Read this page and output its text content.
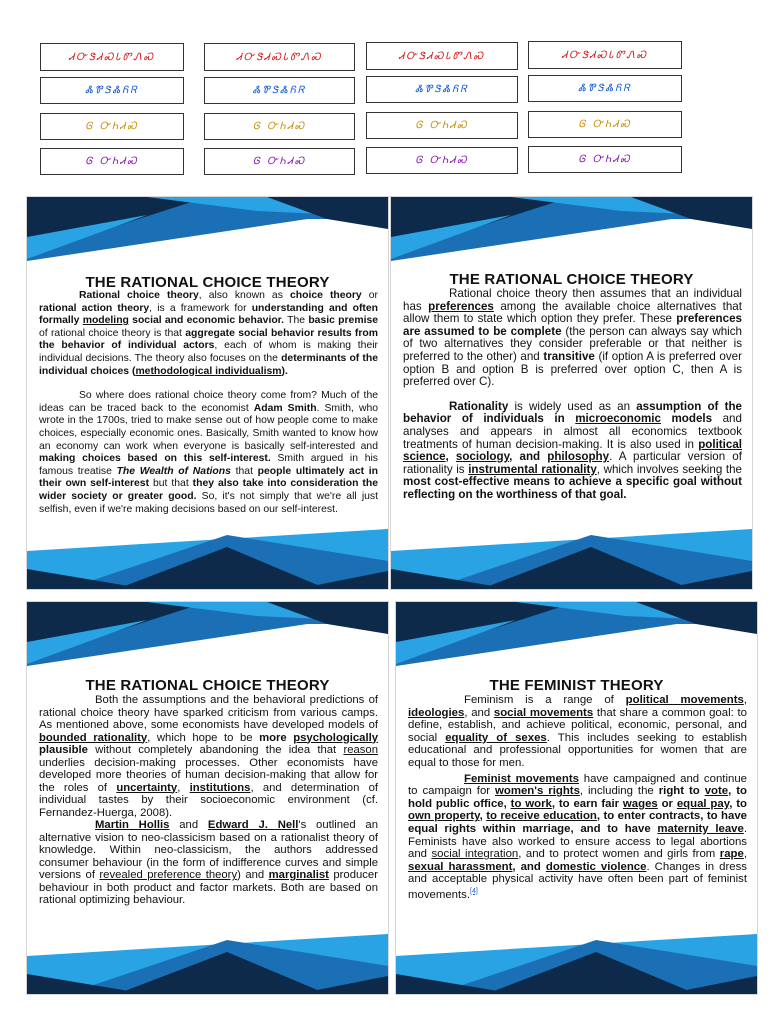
ᏗᏅᏕᏗᏍᏓᏛᏁᏍ	ᏗᏅᏕᏗᏍᏓᏛᏁᏍ	ᏗᏅᏕᏗᏍᏓᏛᏁᏍ	ᏗᏅᏕᏗᏍᏓᏛᏁᏍ
ᏜᏈᏕᏜᏲᏒ	ᏜᏈᏕᏜᏲᏒ	ᏜᏈᏕᏜᏲᏒ	ᏜᏈᏕᏜᏲᏒ
Ꮆ ᏅᏂᏗᏍ	Ꮆ ᏅᏂᏗᏍ	Ꮆ ᏅᏂᏗᏍ	Ꮆ ᏅᏂᏗᏍ
Ꮆ ᏅᏂᏗᏍ	Ꮆ ᏅᏂᏗᏍ	Ꮆ ᏅᏂᏗᏍ	Ꮆ ᏅᏂᏗᏍ
THE RATIONAL CHOICE THEORY

Rational choice theory, also known as choice theory or rational action theory, is a framework for understanding and often formally modeling social and economic behavior. The basic premise of rational choice theory is that aggregate social behavior results from the behavior of individual actors, each of whom is making their individual decisions. The theory also focuses on the determinants of the individual choices (methodological individualism).

So where does rational choice theory come from? Much of the ideas can be traced back to the economist Adam Smith. Smith, who wrote in the 1700s, tried to make sense out of how people come to make choices, especially economic ones. Basically, Smith wanted to know how an economy can work when everyone is basically self-interested and making choices based on this self-interest. Smith argued in his famous treatise The Wealth of Nations that people ultimately act in their own self-interest but that they also take into consideration the wider society or greater good. So, it's not simply that we're all just selfish, even if we're making decisions based on our self-interest.

THE RATIONAL CHOICE THEORY

Rational choice theory then assumes that an individual has preferences among the available choice alternatives that allow them to state which option they prefer. These preferences are assumed to be complete (the person can always say which of two alternatives they consider preferable or that neither is preferred to the other) and transitive (if option A is preferred over option B and option B is preferred over option C, then A is preferred over C).

Rationality is widely used as an assumption of the behavior of individuals in microeconomic models and analyses and appears in almost all economics textbook treatments of human decision-making. It is also used in political science, sociology, and philosophy. A particular version of rationality is instrumental rationality, which involves seeking the most cost-effective means to achieve a specific goal without reflecting on the worthiness of that goal.

THE RATIONAL CHOICE THEORY

Both the assumptions and the behavioral predictions of rational choice theory have sparked criticism from various camps. As mentioned above, some economists have developed models of bounded rationality, which hope to be more psychologically plausible without completely abandoning the idea that reason underlies decision-making processes. Other economists have developed more theories of human decision-making that allow for the roles of uncertainty, institutions, and determination of individual tastes by their socioeconomic environment (cf. Fernandez-Huerga, 2008).

Martin Hollis and Edward J. Nell's outlined an alternative vision to neo-classicism based on a rationalist theory of knowledge. Within neo-classicism, the authors addressed consumer behaviour (in the form of indifference curves and simple versions of revealed preference theory) and marginalist producer behaviour in both product and factor markets. Both are based on rational optimizing behaviour.

THE FEMINIST THEORY

Feminism is a range of political movements, ideologies, and social movements that share a common goal: to define, establish, and achieve political, economic, personal, and social equality of sexes. This includes seeking to establish educational and professional opportunities for women that are equal to those for men.

Feminist movements have campaigned and continue to campaign for women's rights, including the right to vote, to hold public office, to work, to earn fair wages or equal pay, to own property, to receive education, to enter contracts, to have equal rights within marriage, and to have maternity leave. Feminists have also worked to ensure access to legal abortions and social integration, and to protect women and girls from rape, sexual harassment, and domestic violence. Changes in dress and acceptable physical activity have often been part of feminist movements.[4]
